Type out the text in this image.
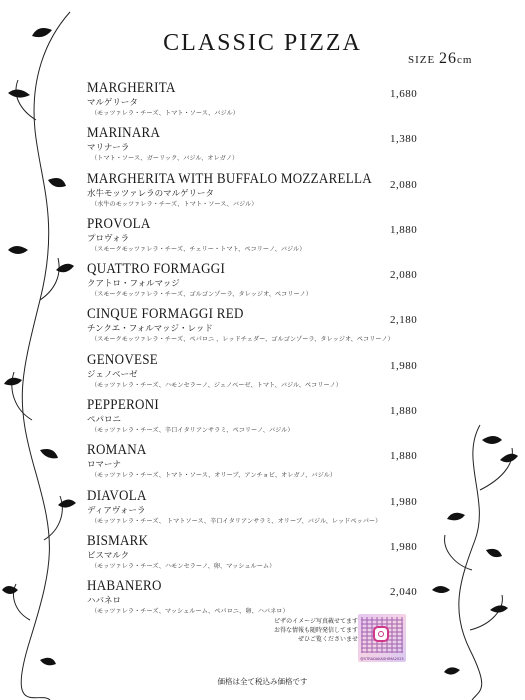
CLASSIC PIZZA
SIZE 26cm
MARGHERITA
マルゲリータ
（モッツァレラ・チーズ、トマト・ソース、バジル）
1,680
MARINARA
マリナーラ
（トマト・ソース、ガーリック、バジル、オレガノ）
1,380
MARGHERITA WITH BUFFALO MOZZARELLA
水牛モッツァレラのマルゲリータ
（水牛のモッツァレラ・チーズ、トマト・ソース、バジル）
2,080
PROVOLA
プロヴォラ
（スモークモッツァレラ・チーズ、チェリー・トマト、ペコリーノ、バジル）
1,880
QUATTRO FORMAGGI
クアトロ・フォルマッジ
（スモークモッツァレラ・チーズ、ゴルゴンゾーラ、タレッジオ、ペコリーノ）
2,080
CINQUE FORMAGGI RED
チンクエ・フォルマッジ・レッド
（スモークモッツァレラ・チーズ、ペパロニ 、レッドチェダー、ゴルゴンゾーラ、タレッジオ、ペコリーノ）
2,180
GENOVESE
ジェノベーゼ
（モッツァレラ・チーズ、ハモンセラーノ、ジェノベーゼ、トマト、バジル、ペコリーノ）
1,980
PEPPERONI
ペパロニ
（モッツァレラ・チーズ、辛口イタリアンサラミ、ペコリーノ、バジル）
1,880
ROMANA
ロマーナ
（モッツァレラ・チーズ、トマト・ソース、オリーブ、アンチョビ、オレガノ、バジル）
1,880
DIAVOLA
ディアヴォーラ
（モッツァレラ・チーズ、 トマトソース、辛口イタリアンサラミ、オリーブ、バジル、レッドペッパー）
1,980
BISMARK
ビスマルク
（モッツァレラ・チーズ、ハモンセラーノ、卵、マッシュルーム）
1,980
HABANERO
ハバネロ
（モッツァレラ・チーズ、マッシュルーム、ペパロニ、卵、ハバネロ）
2,040
ピザのイメージ写真載せてます
お得な情報も随時発信してます
ぜひご覧くださいませ
@STRADAKASHIMA2025
価格は全て税込み価格です
